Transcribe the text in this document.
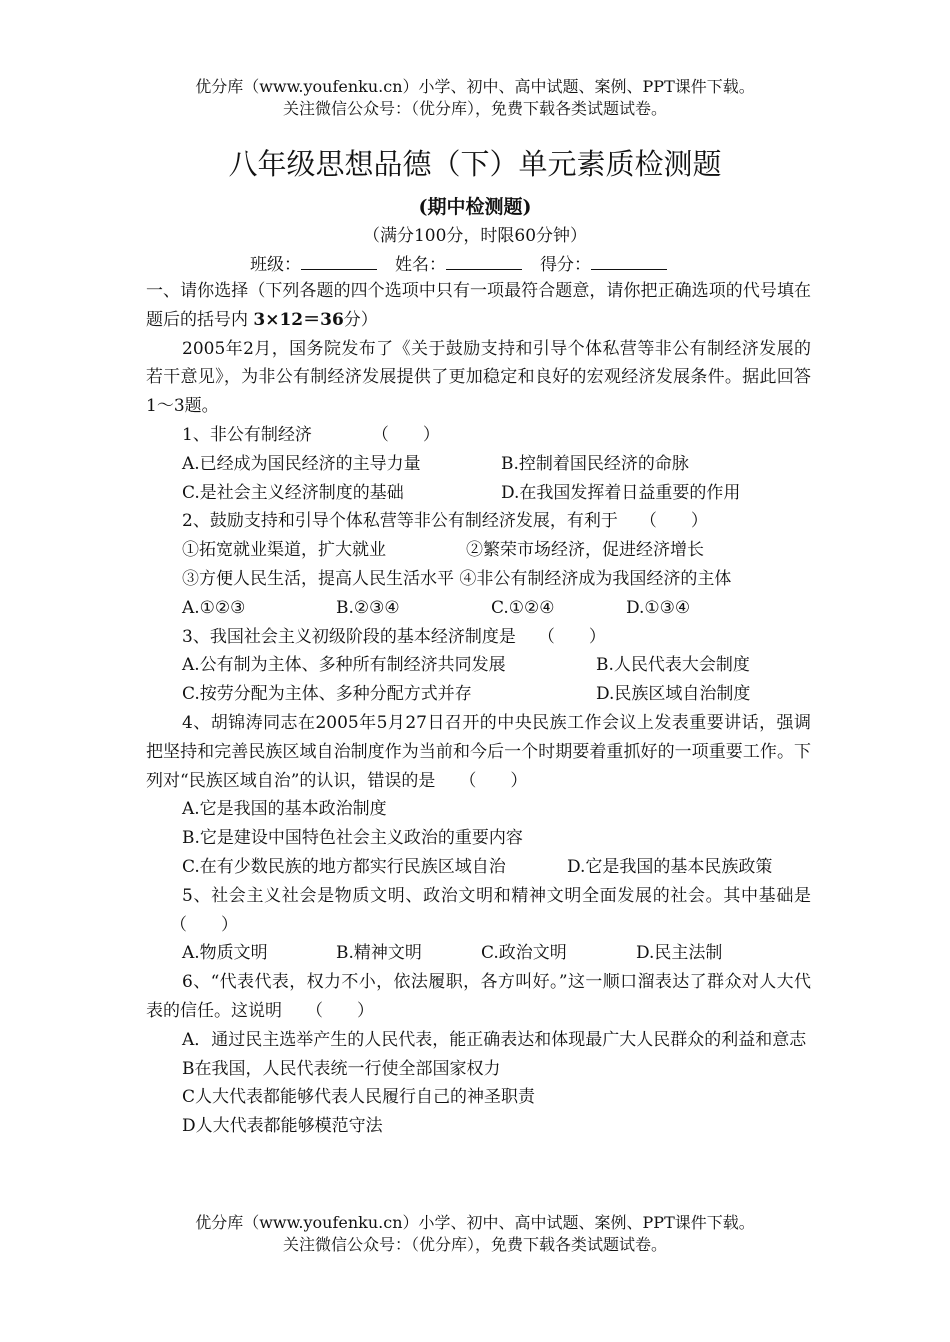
优分库（www.youfenku.cn）小学、初中、高中试题、案例、PPT课件下载。
关注微信公众号：（优分库），免费下载各类试题试卷。
八年级思想品德（下）单元素质检测题
(期中检测题)
（满分100分，时限60分钟）
班级：	姓名：	得分：

一、请你选择（下列各题的四个选项中只有一项最符合题意，请你把正确选项的代号填在题后的括号内 3×12＝36分）

2005年2月，国务院发布了《关于鼓励支持和引导个体私营等非公有制经济发展的若干意见》，为非公有制经济发展提供了更加稳定和良好的宏观经济发展条件。据此回答1～3题。

1、非公有制经济	（　　）
A.已经成为国民经济的主导力量	B.控制着国民经济的命脉
C.是社会主义经济制度的基础	D.在我国发挥着日益重要的作用
2、鼓励支持和引导个体私营等非公有制经济发展，有利于 （　　）
①拓宽就业渠道，扩大就业	②繁荣市场经济，促进经济增长

③方便人民生活，提高人民生活水平 ④非公有制经济成为我国经济的主体

A.①②③	B.②③④	C.①②④	D.①③④
3、我国社会主义初级阶段的基本经济制度是 （　　）
A.公有制为主体、多种所有制经济共同发展	B.人民代表大会制度
C.按劳分配为主体、多种分配方式并存	D.民族区域自治制度

4、胡锦涛同志在2005年5月27日召开的中央民族工作会议上发表重要讲话，强调把坚持和完善民族区域自治制度作为当前和今后一个时期要着重抓好的一项重要工作。下列对“民族区域自治”的认识，错误的是 （　　）

A.它是我国的基本政治制度
B.它是建设中国特色社会主义政治的重要内容
C.在有少数民族的地方都实行民族区域自治	D.它是我国的基本民族政策

5、社会主义社会是物质文明、政治文明和精神文明全面发展的社会。其中基础是（　　）

A.物质文明	B.精神文明	C.政治文明	D.民主法制

6、“代表代表，权力不小，依法履职，各方叫好。”这一顺口溜表达了群众对人大代表的信任。这说明 （　　）

A．通过民主选举产生的人民代表，能正确表达和体现最广大人民群众的利益和意志

B在我国，人民代表统一行使全部国家权力
C人大代表都能够代表人民履行自己的神圣职责
D人大代表都能够模范守法
优分库（www.youfenku.cn）小学、初中、高中试题、案例、PPT课件下载。
关注微信公众号：（优分库），免费下载各类试题试卷。
